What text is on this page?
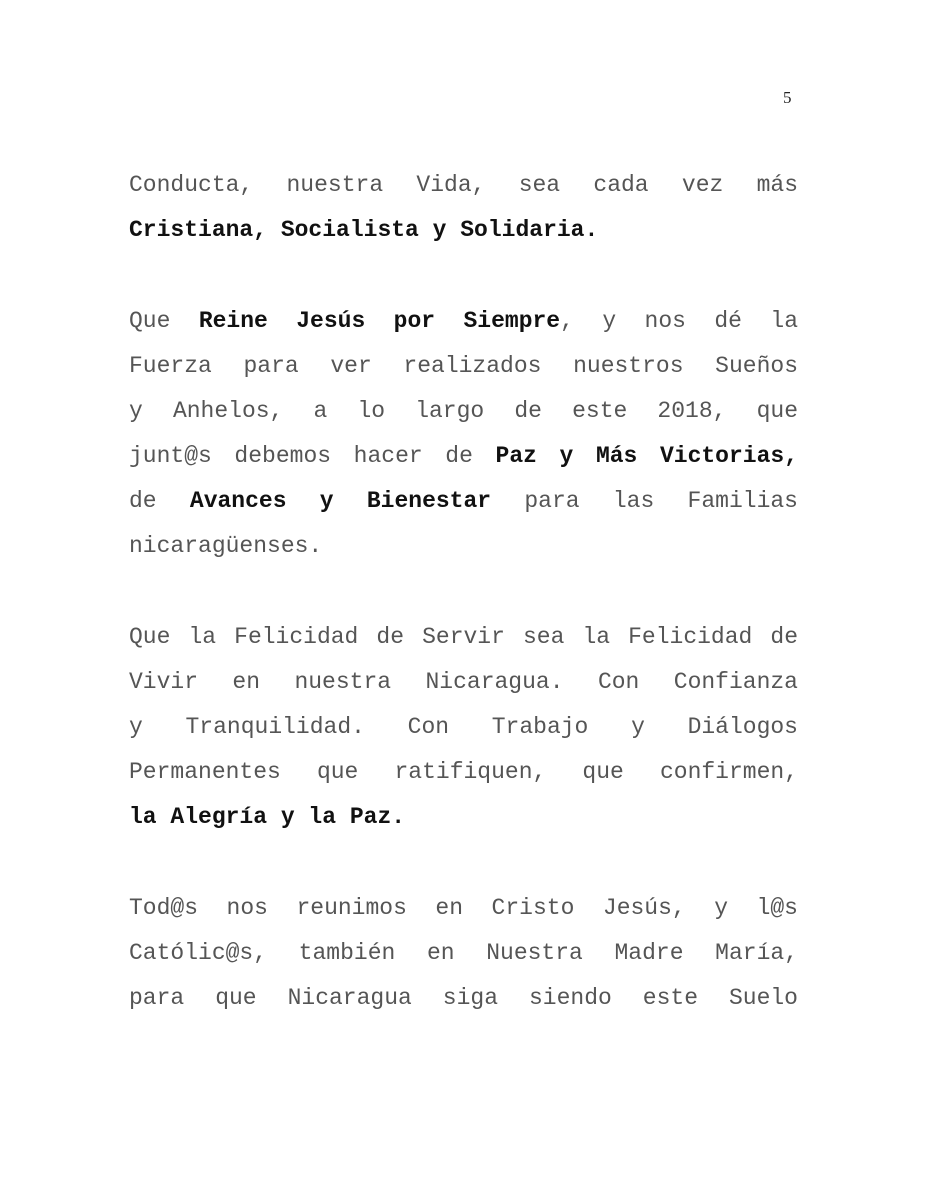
5
Conducta, nuestra Vida, sea cada vez más
Cristiana, Socialista y Solidaria.
Que Reine Jesús por Siempre, y nos dé la
Fuerza para ver realizados nuestros Sueños
y Anhelos, a lo largo de este 2018, que
junt@s debemos hacer de Paz y Más Victorias,
de Avances y Bienestar para las Familias
nicaragüenses.
Que la Felicidad de Servir sea la Felicidad de
Vivir en nuestra Nicaragua. Con Confianza
y Tranquilidad. Con Trabajo y Diálogos
Permanentes que ratifiquen, que confirmen,
la Alegría y la Paz.
Tod@s nos reunimos en Cristo Jesús, y l@s
Católic@s, también en Nuestra Madre María,
para que Nicaragua siga siendo este Suelo
